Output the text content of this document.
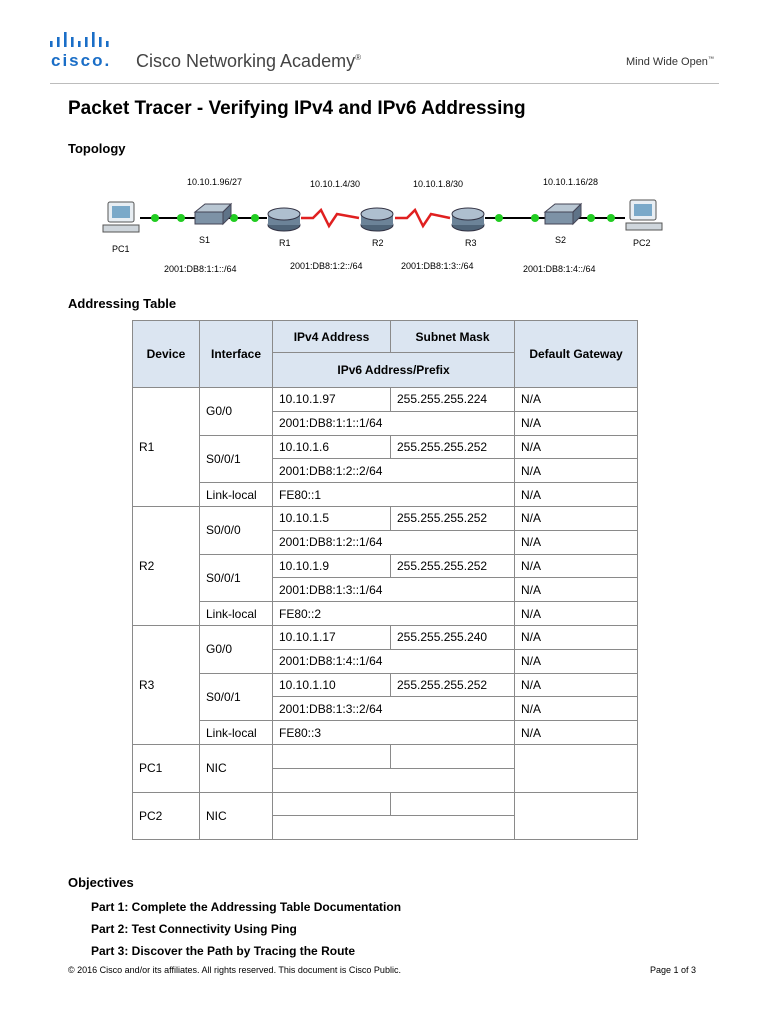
cisco. Cisco Networking Academy®	Mind Wide Open™
Packet Tracer - Verifying IPv4 and IPv6 Addressing
Topology
10.10.1.96/27	10.10.1.4/30	10.10.1.8/30	10.10.1.16/28
2001:DB8:1:1::/64	2001:DB8:1:2::/64	2001:DB8:1:3::/64	2001:DB8:1:4::/64
PC1
S1	R1	R2	R3	S2	PC2
Addressing Table
Device	Interface	IPv4 Address	Subnet Mask	Default Gateway
		IPv6 Address/Prefix		
R1	G0/0	10.10.1.97	255.255.255.224	N/A
		2001:DB8:1:1::1/64		N/A
	S0/0/1	10.10.1.6	255.255.255.252	N/A
		2001:DB8:1:2::2/64		N/A
	Link-local	FE80::1		N/A
R2	S0/0/0	10.10.1.5	255.255.255.252	N/A
		2001:DB8:1:2::1/64		N/A
	S0/0/1	10.10.1.9	255.255.255.252	N/A
		2001:DB8:1:3::1/64		N/A
	Link-local	FE80::2		N/A
R3	G0/0	10.10.1.17	255.255.255.240	N/A
		2001:DB8:1:4::1/64		N/A
	S0/0/1	10.10.1.10	255.255.255.252	N/A
		2001:DB8:1:3::2/64		N/A
	Link-local	FE80::3		N/A
PC1	NIC			

PC2	NIC			

Objectives
Part 1: Complete the Addressing Table Documentation
Part 2: Test Connectivity Using Ping
Part 3: Discover the Path by Tracing the Route
© 2016 Cisco and/or its affiliates. All rights reserved. This document is Cisco Public.	Page 1 of 3
